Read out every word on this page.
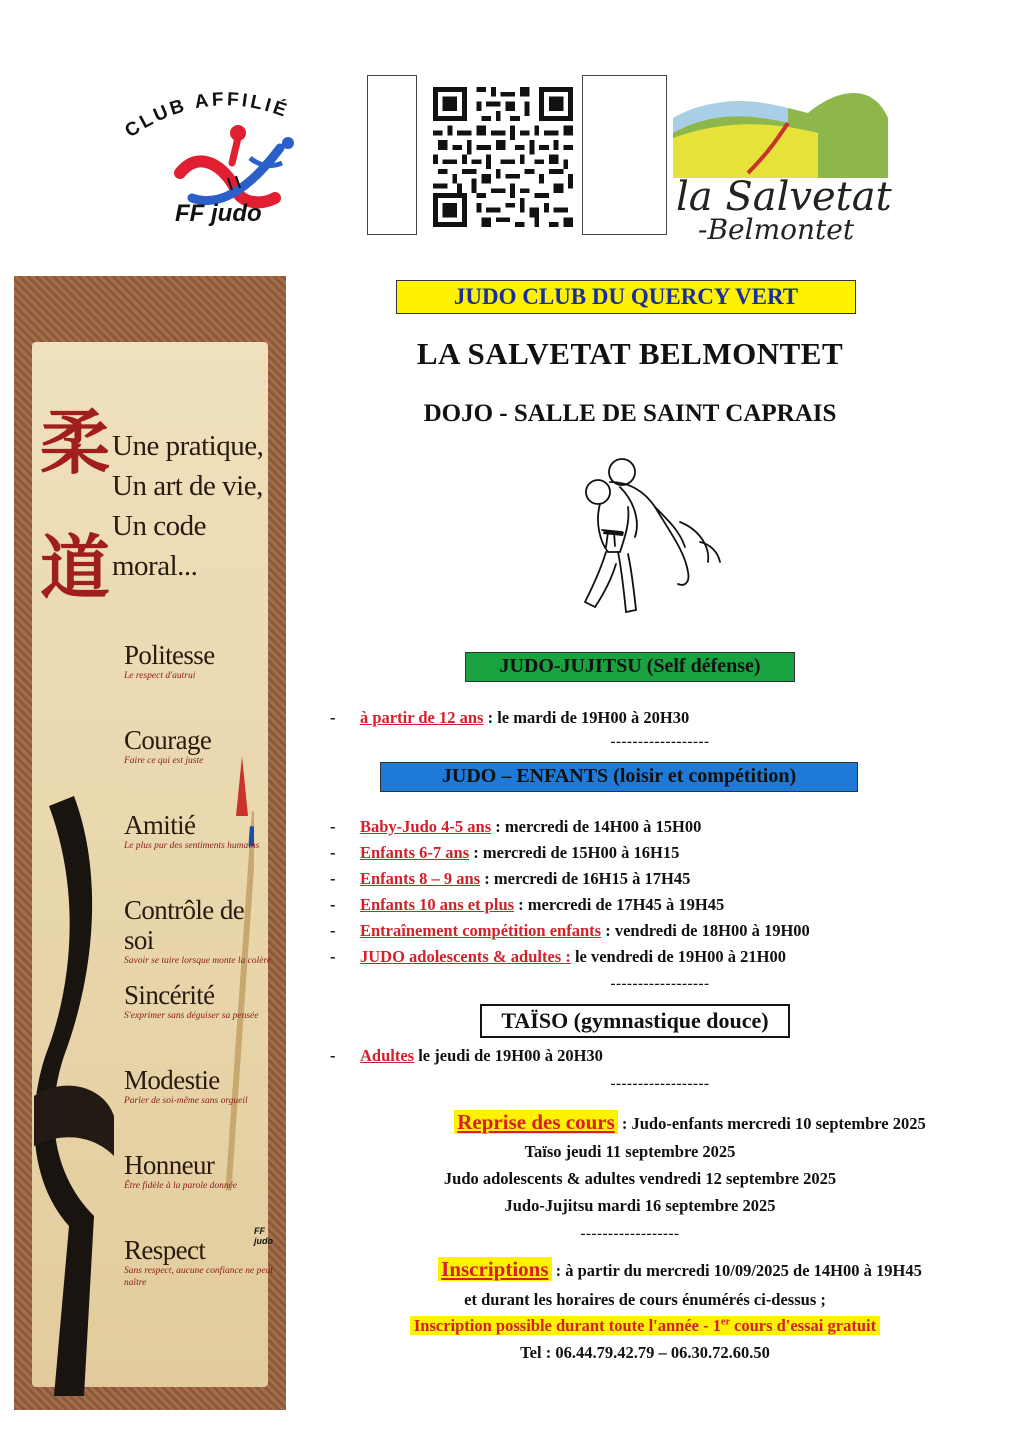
CLUB AFFILIÉ
FF judo	la Salvetat
-Belmontet
柔
道
Une pratique,
Un art de vie,
Un code moral...
Politesse
Le respect d'autrui
Courage
Faire ce qui est juste
Amitié
Le plus pur des sentiments humains
Contrôle de soi
Savoir se taire lorsque monte la colère
Sincérité
S'exprimer sans déguiser sa pensée
Modestie
Parler de soi-même sans orgueil
Honneur
Être fidèle à la parole donnée
Respect
Sans respect, aucune confiance ne peut naître
FF judo
JUDO CLUB DU QUERCY VERT
LA SALVETAT BELMONTET
DOJO - SALLE DE SAINT CAPRAIS
JUDO-JUJITSU (Self défense)
- à partir de 12 ans : le mardi de 19H00 à 20H30
------------------
JUDO – ENFANTS (loisir et compétition)
- Baby-Judo 4-5 ans : mercredi de 14H00 à 15H00
- Enfants 6-7 ans : mercredi de 15H00 à 16H15
- Enfants 8 – 9 ans : mercredi de 16H15 à 17H45
- Enfants 10 ans et plus : mercredi de 17H45 à 19H45
- Entraînement compétition enfants : vendredi de 18H00 à 19H00
- JUDO adolescents & adultes : le vendredi de 19H00 à 21H00
------------------
TAÏSO (gymnastique douce)
- Adultes le jeudi de 19H00 à 20H30
------------------
Reprise des cours : Judo-enfants mercredi 10 septembre 2025
Taïso jeudi 11 septembre 2025
Judo adolescents & adultes vendredi 12 septembre 2025
Judo-Jujitsu mardi 16 septembre 2025
------------------
Inscriptions : à partir du mercredi 10/09/2025 de 14H00 à 19H45
et durant les horaires de cours énumérés ci-dessus ;
Inscription possible durant toute l'année - 1er cours d'essai gratuit
Tel : 06.44.79.42.79 – 06.30.72.60.50
